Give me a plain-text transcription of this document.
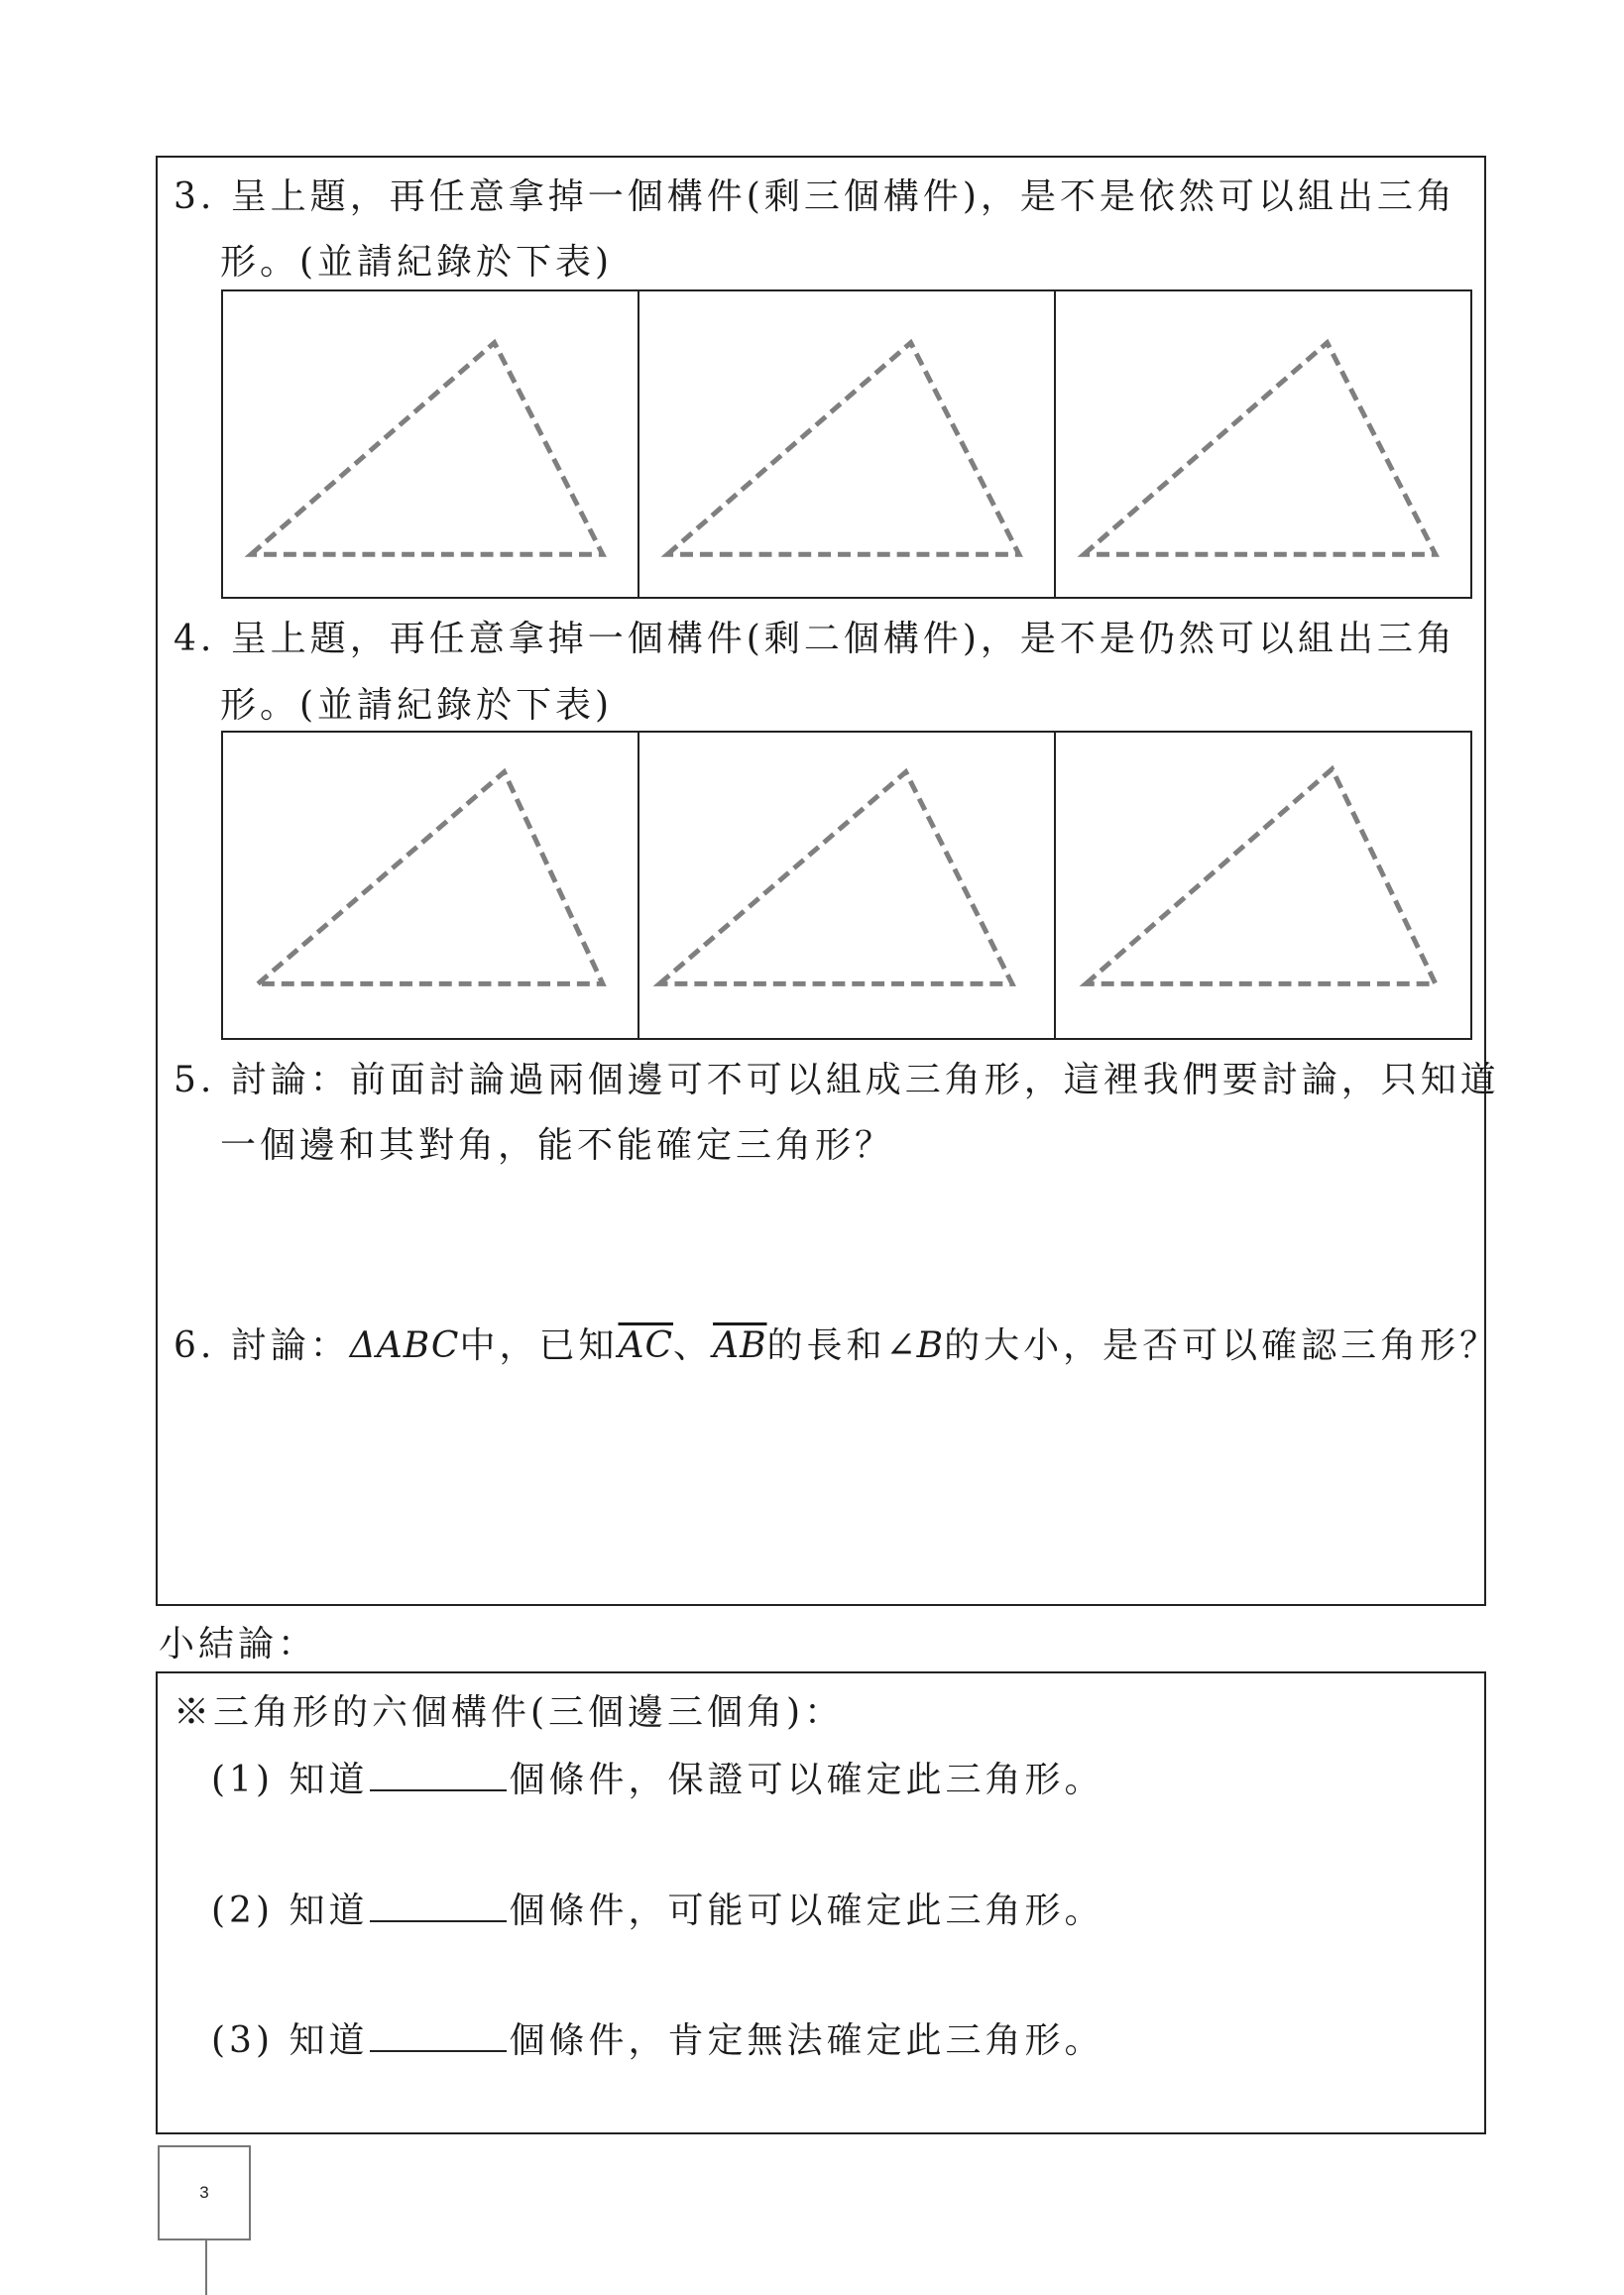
3. 呈上題，再任意拿掉一個構件(剩三個構件)，是不是依然可以組出三角
形。(並請紀錄於下表)
4. 呈上題，再任意拿掉一個構件(剩二個構件)，是不是仍然可以組出三角
形。(並請紀錄於下表)
5. 討論：前面討論過兩個邊可不可以組成三角形，這裡我們要討論，只知道
一個邊和其對角，能不能確定三角形？
6. 討論：ΔABC中，已知$\overline{AC}$、$\overline{AB}$的長和∠B的大小，是否可以確認三角形？
小結論：
※三角形的六個構件(三個邊三個角)：
(1) 知道	個條件，保證可以確定此三角形。
(2) 知道	個條件，可能可以確定此三角形。
(3) 知道	個條件，肯定無法確定此三角形。
3
